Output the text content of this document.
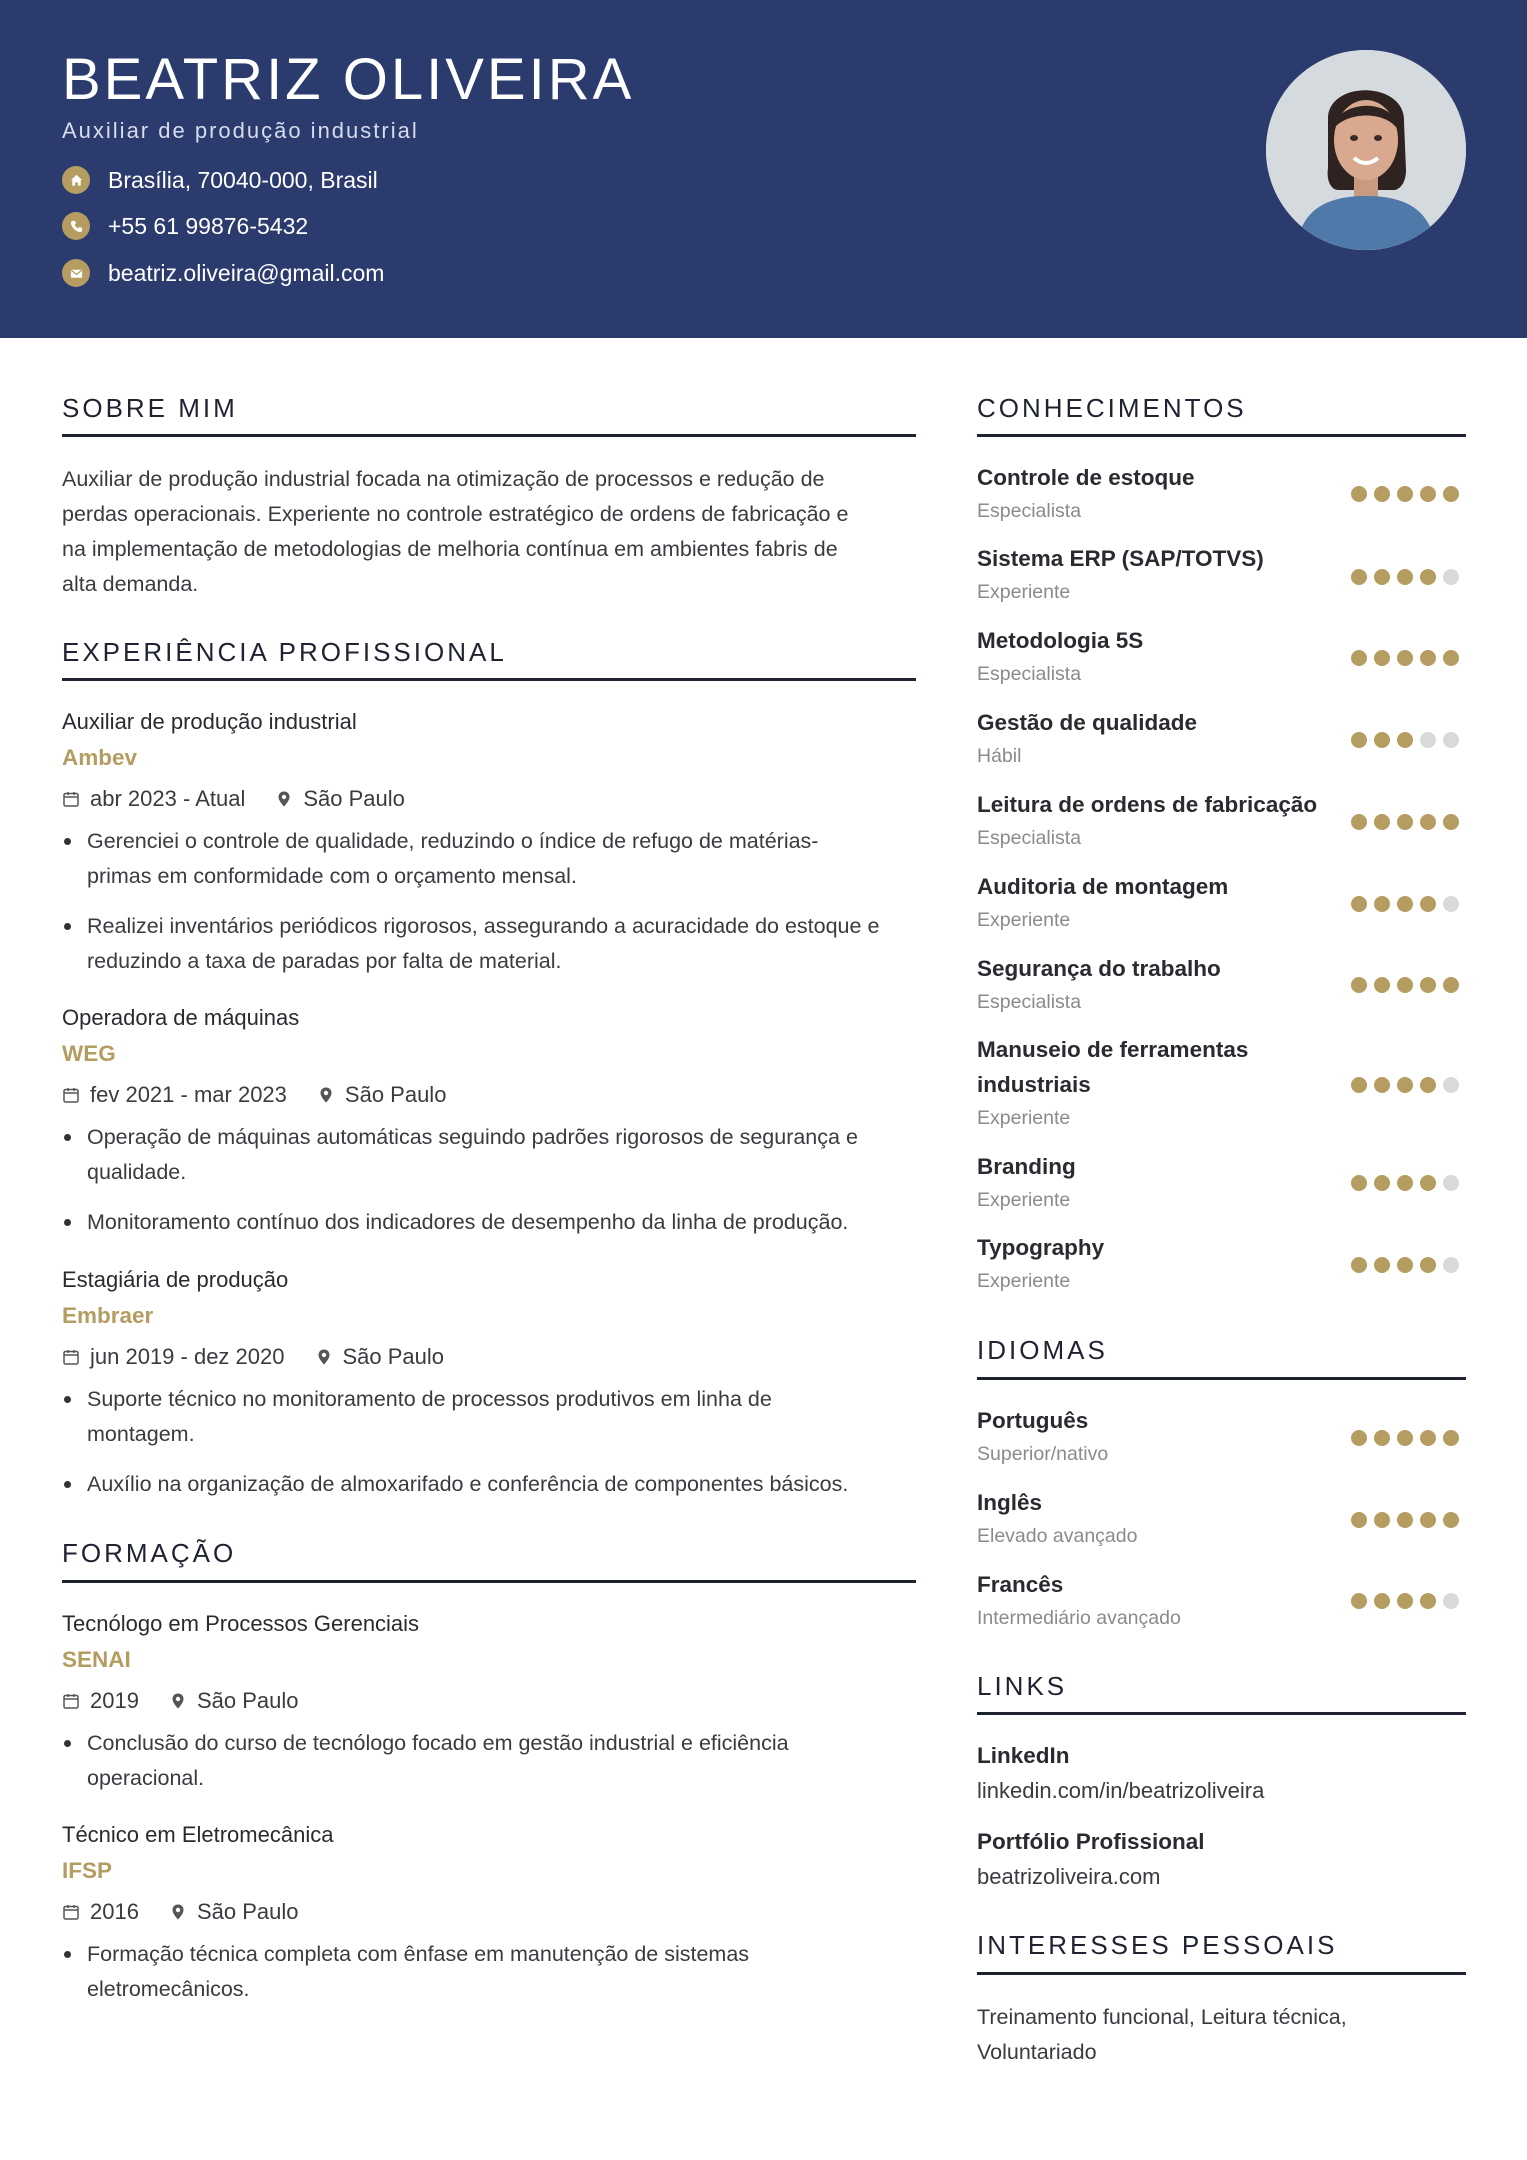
BEATRIZ OLIVEIRA
Auxiliar de produção industrial
Brasília, 70040-000, Brasil
+55 61 99876-5432
beatriz.oliveira@gmail.com
SOBRE MIM
Auxiliar de produção industrial focada na otimização de processos e redução de
perdas operacionais. Experiente no controle estratégico de ordens de fabricação e
na implementação de metodologias de melhoria contínua em ambientes fabris de
alta demanda.
EXPERIÊNCIA PROFISSIONAL
Auxiliar de produção industrial
Ambev
abr 2023 - Atual	São Paulo
Gerenciei o controle de qualidade, reduzindo o índice de refugo de matérias-
primas em conformidade com o orçamento mensal.
Realizei inventários periódicos rigorosos, assegurando a acuracidade do estoque e
reduzindo a taxa de paradas por falta de material.
Operadora de máquinas
WEG
fev 2021 - mar 2023	São Paulo
Operação de máquinas automáticas seguindo padrões rigorosos de segurança e
qualidade.
Monitoramento contínuo dos indicadores de desempenho da linha de produção.
Estagiária de produção
Embraer
jun 2019 - dez 2020	São Paulo
Suporte técnico no monitoramento de processos produtivos em linha de
montagem.
Auxílio na organização de almoxarifado e conferência de componentes básicos.
FORMAÇÃO
Tecnólogo em Processos Gerenciais
SENAI
2019	São Paulo
Conclusão do curso de tecnólogo focado em gestão industrial e eficiência
operacional.
Técnico em Eletromecânica
IFSP
2016	São Paulo
Formação técnica completa com ênfase em manutenção de sistemas
eletromecânicos.
CONHECIMENTOS
Controle de estoque
Especialista
Sistema ERP (SAP/TOTVS)
Experiente
Metodologia 5S
Especialista
Gestão de qualidade
Hábil
Leitura de ordens de fabricação
Especialista
Auditoria de montagem
Experiente
Segurança do trabalho
Especialista
Manuseio de ferramentas
industriais
Experiente
Branding
Experiente
Typography
Experiente
IDIOMAS
Português
Superior/nativo
Inglês
Elevado avançado
Francês
Intermediário avançado
LINKS
LinkedIn
linkedin.com/in/beatrizoliveira
Portfólio Profissional
beatrizoliveira.com
INTERESSES PESSOAIS
Treinamento funcional, Leitura técnica,
Voluntariado
